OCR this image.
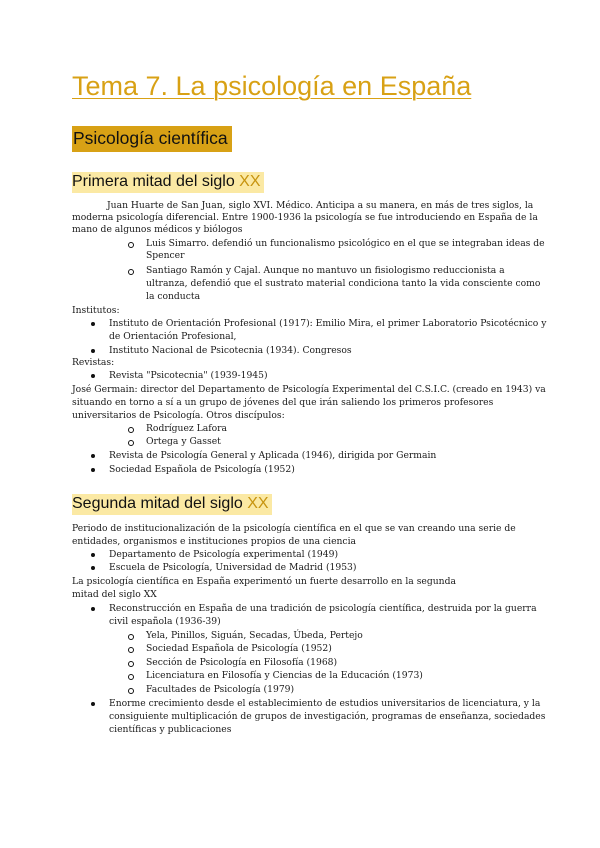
Tema 7. La psicología en España
Psicología científica
Primera mitad del siglo XX
Juan Huarte de San Juan, siglo XVI. Médico. Anticipa a su manera, en más de tres siglos, la
moderna psicología diferencial. Entre 1900-1936 la psicología se fue introduciendo en España de la
mano de algunos médicos y biólogos
Luis Simarro. defendió un funcionalismo psicológico en el que se integraban ideas de
Spencer
Santiago Ramón y Cajal. Aunque no mantuvo un fisiologismo reduccionista a
ultranza, defendió que el sustrato material condiciona tanto la vida consciente como
la conducta
Institutos:
Instituto de Orientación Profesional (1917): Emilio Mira, el primer Laboratorio Psicotécnico y
de Orientación Profesional,
Instituto Nacional de Psicotecnia (1934). Congresos
Revistas:
Revista "Psicotecnia" (1939-1945)
José Germain: director del Departamento de Psicología Experimental del C.S.I.C. (creado en 1943) va
situando en torno a sí a un grupo de jóvenes del que irán saliendo los primeros profesores
universitarios de Psicología. Otros discípulos:
Rodríguez Lafora
Ortega y Gasset
Revista de Psicología General y Aplicada (1946), dirigida por Germain
Sociedad Española de Psicología (1952)
Segunda mitad del siglo XX
Periodo de institucionalización de la psicología científica en el que se van creando una serie de
entidades, organismos e instituciones propios de una ciencia
Departamento de Psicología experimental (1949)
Escuela de Psicología, Universidad de Madrid (1953)
La psicología científica en España experimentó un fuerte desarrollo en la segunda
mitad del siglo XX
Reconstrucción en España de una tradición de psicología científica, destruida por la guerra
civil española (1936-39)
Yela, Pinillos, Siguán, Secadas, Úbeda, Pertejo
Sociedad Española de Psicología (1952)
Sección de Psicología en Filosofía (1968)
Licenciatura en Filosofía y Ciencias de la Educación (1973)
Facultades de Psicología (1979)
Enorme crecimiento desde el establecimiento de estudios universitarios de licenciatura, y la
consiguiente multiplicación de grupos de investigación, programas de enseñanza, sociedades
científicas y publicaciones
